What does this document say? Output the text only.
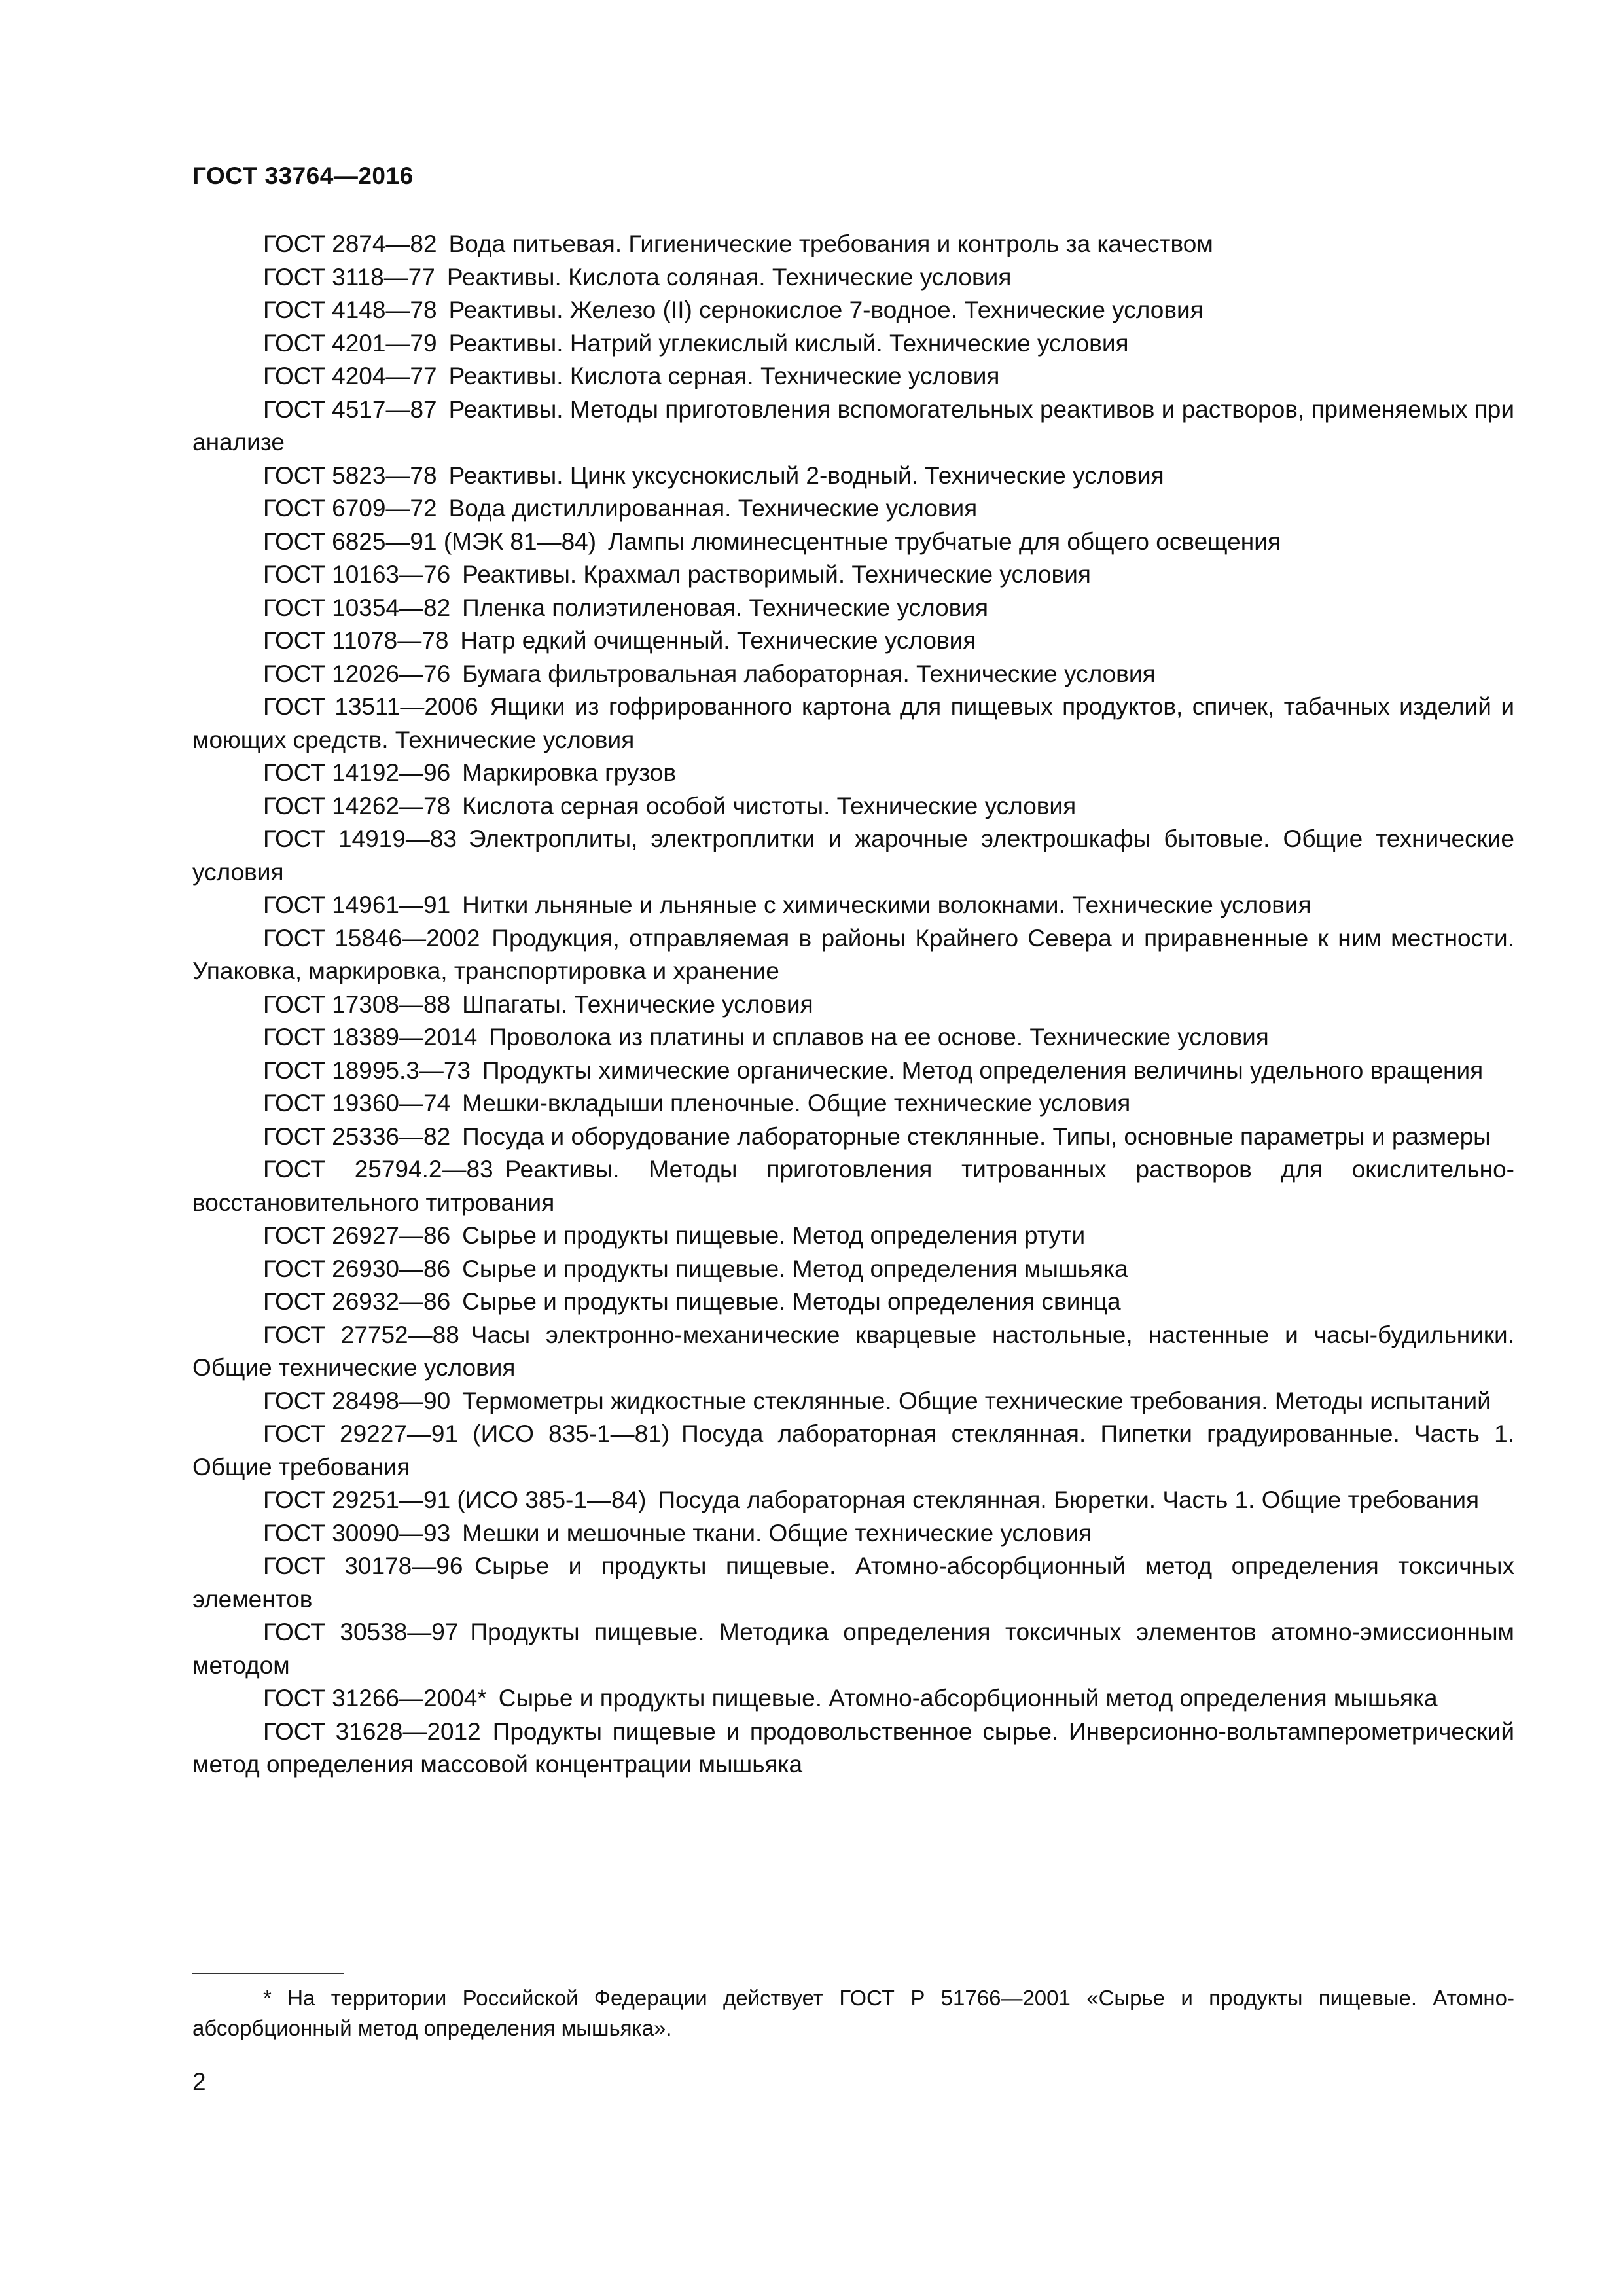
ГОСТ 33764—2016

ГОСТ 2874—82 Вода питьевая. Гигиенические требования и контроль за качеством

ГОСТ 3118—77 Реактивы. Кислота соляная. Технические условия

ГОСТ 4148—78 Реактивы. Железо (II) сернокислое 7-водное. Технические условия

ГОСТ 4201—79 Реактивы. Натрий углекислый кислый. Технические условия

ГОСТ 4204—77 Реактивы. Кислота серная. Технические условия

ГОСТ 4517—87 Реактивы. Методы приготовления вспомогательных реактивов и растворов, применяемых при анализе

ГОСТ 5823—78 Реактивы. Цинк уксуснокислый 2-водный. Технические условия

ГОСТ 6709—72 Вода дистиллированная. Технические условия

ГОСТ 6825—91 (МЭК 81—84) Лампы люминесцентные трубчатые для общего освещения

ГОСТ 10163—76 Реактивы. Крахмал растворимый. Технические условия

ГОСТ 10354—82 Пленка полиэтиленовая. Технические условия

ГОСТ 11078—78 Натр едкий очищенный. Технические условия

ГОСТ 12026—76 Бумага фильтровальная лабораторная. Технические условия

ГОСТ 13511—2006 Ящики из гофрированного картона для пищевых продуктов, спичек, табачных изделий и моющих средств. Технические условия

ГОСТ 14192—96 Маркировка грузов

ГОСТ 14262—78 Кислота серная особой чистоты. Технические условия

ГОСТ 14919—83 Электроплиты, электроплитки и жарочные электрошкафы бытовые. Общие технические условия

ГОСТ 14961—91 Нитки льняные и льняные с химическими волокнами. Технические условия

ГОСТ 15846—2002 Продукция, отправляемая в районы Крайнего Севера и приравненные к ним местности. Упаковка, маркировка, транспортировка и хранение

ГОСТ 17308—88 Шпагаты. Технические условия

ГОСТ 18389—2014 Проволока из платины и сплавов на ее основе. Технические условия

ГОСТ 18995.3—73 Продукты химические органические. Метод определения величины удельного вращения

ГОСТ 19360—74 Мешки-вкладыши пленочные. Общие технические условия

ГОСТ 25336—82 Посуда и оборудование лабораторные стеклянные. Типы, основные параметры и размеры

ГОСТ 25794.2—83 Реактивы. Методы приготовления титрованных растворов для окислительно-восстановительного титрования

ГОСТ 26927—86 Сырье и продукты пищевые. Метод определения ртути

ГОСТ 26930—86 Сырье и продукты пищевые. Метод определения мышьяка

ГОСТ 26932—86 Сырье и продукты пищевые. Методы определения свинца

ГОСТ 27752—88 Часы электронно-механические кварцевые настольные, настенные и часы-будильники. Общие технические условия

ГОСТ 28498—90 Термометры жидкостные стеклянные. Общие технические требования. Методы испытаний

ГОСТ 29227—91 (ИСО 835-1—81) Посуда лабораторная стеклянная. Пипетки градуированные. Часть 1. Общие требования

ГОСТ 29251—91 (ИСО 385-1—84) Посуда лабораторная стеклянная. Бюретки. Часть 1. Общие требования

ГОСТ 30090—93 Мешки и мешочные ткани. Общие технические условия

ГОСТ 30178—96 Сырье и продукты пищевые. Атомно-абсорбционный метод определения токсичных элементов

ГОСТ 30538—97 Продукты пищевые. Методика определения токсичных элементов атомно-эмиссионным методом

ГОСТ 31266—2004* Сырье и продукты пищевые. Атомно-абсорбционный метод определения мышьяка

ГОСТ 31628—2012 Продукты пищевые и продовольственное сырье. Инверсионно-вольтамперометрический метод определения массовой концентрации мышьяка

* На территории Российской Федерации действует ГОСТ Р 51766—2001 «Сырье и продукты пищевые. Атомно-абсорбционный метод определения мышьяка».

2
